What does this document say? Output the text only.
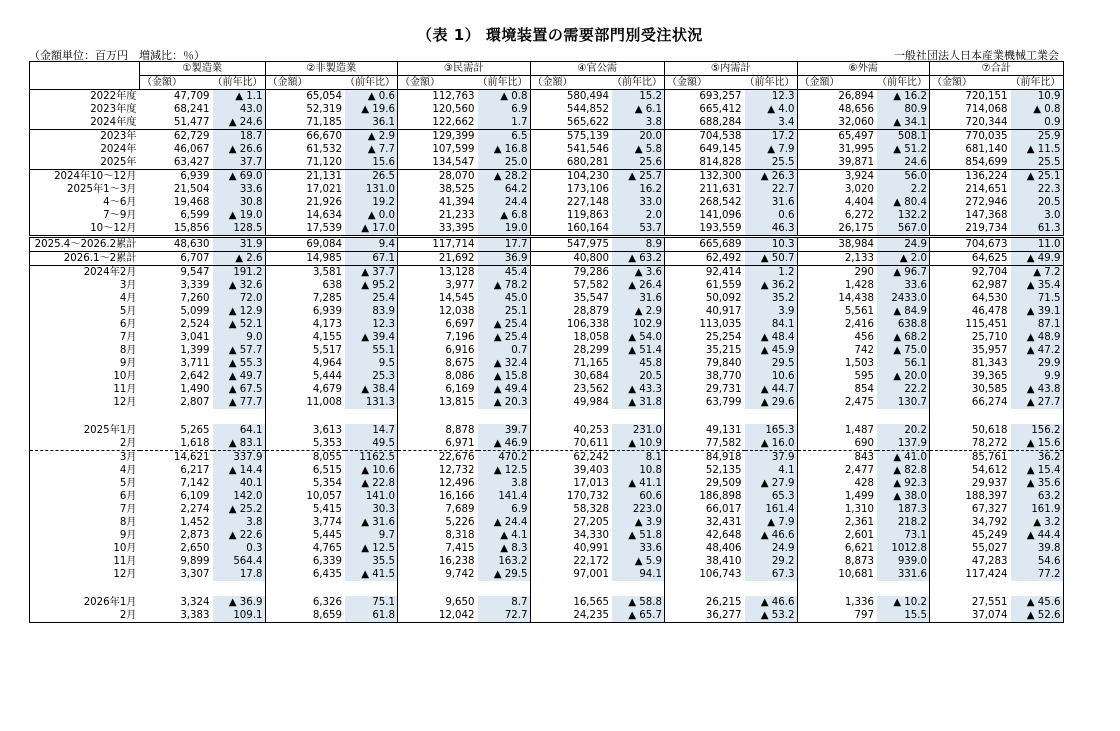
（表 1） 環境装置の需要部門別受注状況
（金額単位：百万円　増減比：％）	一般社団法人日本産業機械工業会
	①製造業		②非製造業		③民需計		④官公需		⑤内需計		⑥外需		⑦合計	
	（金額）	（前年比）	（金額）	（前年比）	（金額）	（前年比）	（金額）	（前年比）	（金額）	（前年比）	（金額）	（前年比）	（金額）	（前年比）
2022年度	47,709	▲ 1.1	65,054	▲ 0.6	112,763	▲ 0.8	580,494	15.2	693,257	12.3	26,894	▲ 16.2	720,151	10.9
2023年度	68,241	43.0	52,319	▲ 19.6	120,560	6.9	544,852	▲ 6.1	665,412	▲ 4.0	48,656	80.9	714,068	▲ 0.8
2024年度	51,477	▲ 24.6	71,185	36.1	122,662	1.7	565,622	3.8	688,284	3.4	32,060	▲ 34.1	720,344	0.9
2023年	62,729	18.7	66,670	▲ 2.9	129,399	6.5	575,139	20.0	704,538	17.2	65,497	508.1	770,035	25.9
2024年	46,067	▲ 26.6	61,532	▲ 7.7	107,599	▲ 16.8	541,546	▲ 5.8	649,145	▲ 7.9	31,995	▲ 51.2	681,140	▲ 11.5
2025年	63,427	37.7	71,120	15.6	134,547	25.0	680,281	25.6	814,828	25.5	39,871	24.6	854,699	25.5
2024年10～12月	6,939	▲ 69.0	21,131	26.5	28,070	▲ 28.2	104,230	▲ 25.7	132,300	▲ 26.3	3,924	56.0	136,224	▲ 25.1
2025年1～3月	21,504	33.6	17,021	131.0	38,525	64.2	173,106	16.2	211,631	22.7	3,020	2.2	214,651	22.3
4～6月	19,468	30.8	21,926	19.2	41,394	24.4	227,148	33.0	268,542	31.6	4,404	▲ 80.4	272,946	20.5
7～9月	6,599	▲ 19.0	14,634	▲ 0.0	21,233	▲ 6.8	119,863	2.0	141,096	0.6	6,272	132.2	147,368	3.0
10～12月	15,856	128.5	17,539	▲ 17.0	33,395	19.0	160,164	53.7	193,559	46.3	26,175	567.0	219,734	61.3
2025.4～2026.2累計	48,630	31.9	69,084	9.4	117,714	17.7	547,975	8.9	665,689	10.3	38,984	24.9	704,673	11.0
2026.1～2累計	6,707	▲ 2.6	14,985	67.1	21,692	36.9	40,800	▲ 63.2	62,492	▲ 50.7	2,133	▲ 2.0	64,625	▲ 49.9
2024年2月	9,547	191.2	3,581	▲ 37.7	13,128	45.4	79,286	▲ 3.6	92,414	1.2	290	▲ 96.7	92,704	▲ 7.2
3月	3,339	▲ 32.6	638	▲ 95.2	3,977	▲ 78.2	57,582	▲ 26.4	61,559	▲ 36.2	1,428	33.6	62,987	▲ 35.4
4月	7,260	72.0	7,285	25.4	14,545	45.0	35,547	31.6	50,092	35.2	14,438	2433.0	64,530	71.5
5月	5,099	▲ 12.9	6,939	83.9	12,038	25.1	28,879	▲ 2.9	40,917	3.9	5,561	▲ 84.9	46,478	▲ 39.1
6月	2,524	▲ 52.1	4,173	12.3	6,697	▲ 25.4	106,338	102.9	113,035	84.1	2,416	638.8	115,451	87.1
7月	3,041	9.0	4,155	▲ 39.4	7,196	▲ 25.4	18,058	▲ 54.0	25,254	▲ 48.4	456	▲ 68.2	25,710	▲ 48.9
8月	1,399	▲ 57.7	5,517	55.1	6,916	0.7	28,299	▲ 51.4	35,215	▲ 45.9	742	▲ 75.0	35,957	▲ 47.2
9月	3,711	▲ 55.3	4,964	9.5	8,675	▲ 32.4	71,165	45.8	79,840	29.5	1,503	56.1	81,343	29.9
10月	2,642	▲ 49.7	5,444	25.3	8,086	▲ 15.8	30,684	20.5	38,770	10.6	595	▲ 20.0	39,365	9.9
11月	1,490	▲ 67.5	4,679	▲ 38.4	6,169	▲ 49.4	23,562	▲ 43.3	29,731	▲ 44.7	854	22.2	30,585	▲ 43.8
12月	2,807	▲ 77.7	11,008	131.3	13,815	▲ 20.3	49,984	▲ 31.8	63,799	▲ 29.6	2,475	130.7	66,274	▲ 27.7

2025年1月	5,265	64.1	3,613	14.7	8,878	39.7	40,253	231.0	49,131	165.3	1,487	20.2	50,618	156.2
2月	1,618	▲ 83.1	5,353	49.5	6,971	▲ 46.9	70,611	▲ 10.9	77,582	▲ 16.0	690	137.9	78,272	▲ 15.6
3月	14,621	337.9	8,055	1162.5	22,676	470.2	62,242	8.1	84,918	37.9	843	▲ 41.0	85,761	36.2
4月	6,217	▲ 14.4	6,515	▲ 10.6	12,732	▲ 12.5	39,403	10.8	52,135	4.1	2,477	▲ 82.8	54,612	▲ 15.4
5月	7,142	40.1	5,354	▲ 22.8	12,496	3.8	17,013	▲ 41.1	29,509	▲ 27.9	428	▲ 92.3	29,937	▲ 35.6
6月	6,109	142.0	10,057	141.0	16,166	141.4	170,732	60.6	186,898	65.3	1,499	▲ 38.0	188,397	63.2
7月	2,274	▲ 25.2	5,415	30.3	7,689	6.9	58,328	223.0	66,017	161.4	1,310	187.3	67,327	161.9
8月	1,452	3.8	3,774	▲ 31.6	5,226	▲ 24.4	27,205	▲ 3.9	32,431	▲ 7.9	2,361	218.2	34,792	▲ 3.2
9月	2,873	▲ 22.6	5,445	9.7	8,318	▲ 4.1	34,330	▲ 51.8	42,648	▲ 46.6	2,601	73.1	45,249	▲ 44.4
10月	2,650	0.3	4,765	▲ 12.5	7,415	▲ 8.3	40,991	33.6	48,406	24.9	6,621	1012.8	55,027	39.8
11月	9,899	564.4	6,339	35.5	16,238	163.2	22,172	▲ 5.9	38,410	29.2	8,873	939.0	47,283	54.6
12月	3,307	17.8	6,435	▲ 41.5	9,742	▲ 29.5	97,001	94.1	106,743	67.3	10,681	331.6	117,424	77.2

2026年1月	3,324	▲ 36.9	6,326	75.1	9,650	8.7	16,565	▲ 58.8	26,215	▲ 46.6	1,336	▲ 10.2	27,551	▲ 45.6
2月	3,383	109.1	8,659	61.8	12,042	72.7	24,235	▲ 65.7	36,277	▲ 53.2	797	15.5	37,074	▲ 52.6
